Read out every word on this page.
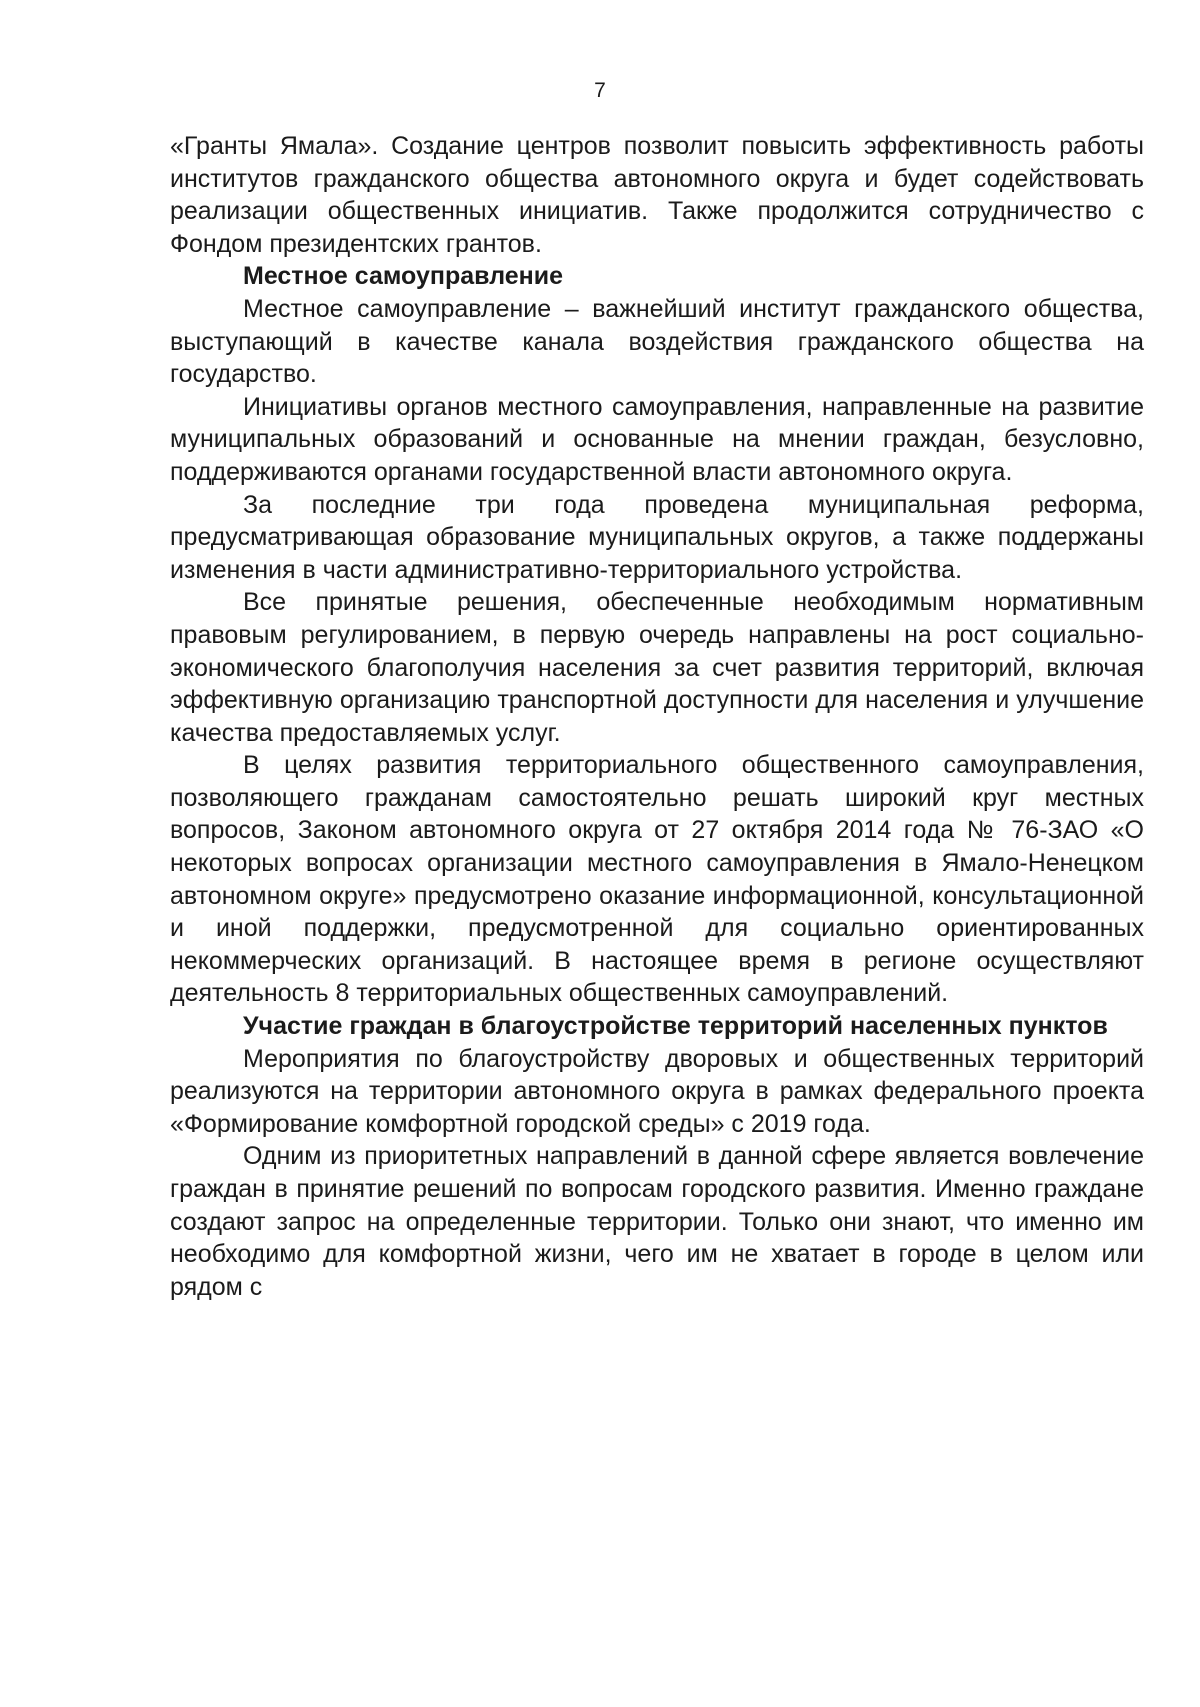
7

«Гранты Ямала». Создание центров позволит повысить эффективность работы институтов гражданского общества автономного округа и будет содействовать реализации общественных инициатив. Также продолжится сотрудничество с Фондом президентских грантов.

Местное самоуправление

Местное самоуправление – важнейший институт гражданского общества, выступающий в качестве канала воздействия гражданского общества на государство.

Инициативы органов местного самоуправления, направленные на развитие муниципальных образований и основанные на мнении граждан, безусловно, поддерживаются органами государственной власти автономного округа.

За последние три года проведена муниципальная реформа, предусматривающая образование муниципальных округов, а также поддержаны изменения в части административно-территориального устройства.

Все принятые решения, обеспеченные необходимым нормативным правовым регулированием, в первую очередь направлены на рост социально-экономического благополучия населения за счет развития территорий, включая эффективную организацию транспортной доступности для населения и улучшение качества предоставляемых услуг.

В целях развития территориального общественного самоуправления, позволяющего гражданам самостоятельно решать широкий круг местных вопросов, Законом автономного округа от 27 октября 2014 года № 76-ЗАО «О некоторых вопросах организации местного самоуправления в Ямало-Ненецком автономном округе» предусмотрено оказание информационной, консультационной и иной поддержки, предусмотренной для социально ориентированных некоммерческих организаций. В настоящее время в регионе осуществляют деятельность 8 территориальных общественных самоуправлений.

Участие граждан в благоустройстве территорий населенных пунктов

Мероприятия по благоустройству дворовых и общественных территорий реализуются на территории автономного округа в рамках федерального проекта «Формирование комфортной городской среды» с 2019 года.

Одним из приоритетных направлений в данной сфере является вовлечение граждан в принятие решений по вопросам городского развития. Именно граждане создают запрос на определенные территории. Только они знают, что именно им необходимо для комфортной жизни, чего им не хватает в городе в целом или рядом с
